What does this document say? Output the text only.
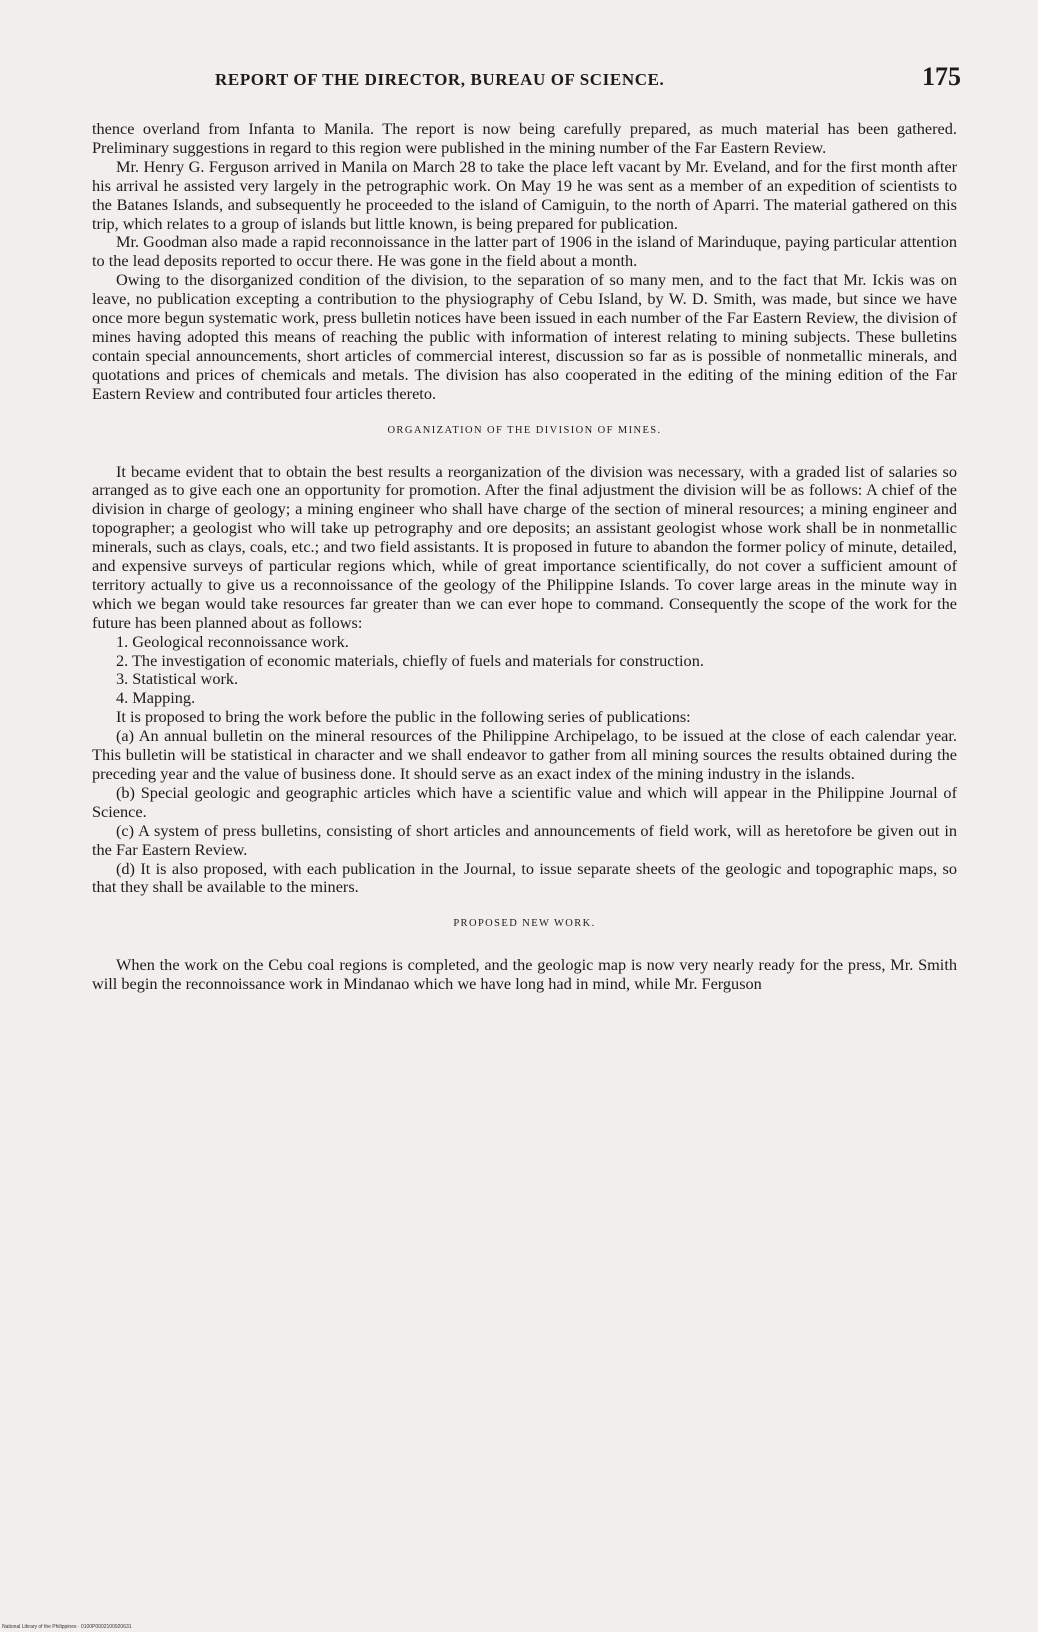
REPORT OF THE DIRECTOR, BUREAU OF SCIENCE.	175

thence overland from Infanta to Manila. The report is now being carefully prepared, as much material has been gathered. Preliminary suggestions in regard to this region were published in the mining number of the Far Eastern Review.

Mr. Henry G. Ferguson arrived in Manila on March 28 to take the place left vacant by Mr. Eveland, and for the first month after his arrival he assisted very largely in the petrographic work. On May 19 he was sent as a member of an expedition of scientists to the Batanes Islands, and subsequently he proceeded to the island of Camiguin, to the north of Aparri. The material gathered on this trip, which relates to a group of islands but little known, is being prepared for publication.

Mr. Goodman also made a rapid reconnoissance in the latter part of 1906 in the island of Marinduque, paying particular attention to the lead deposits reported to occur there. He was gone in the field about a month.

Owing to the disorganized condition of the division, to the separation of so many men, and to the fact that Mr. Ickis was on leave, no publication excepting a contribution to the physiography of Cebu Island, by W. D. Smith, was made, but since we have once more begun systematic work, press bulletin notices have been issued in each number of the Far Eastern Review, the division of mines having adopted this means of reaching the public with information of interest relating to mining subjects. These bulletins contain special announcements, short articles of commercial interest, discussion so far as is possible of nonmetallic minerals, and quotations and prices of chemicals and metals. The division has also cooperated in the editing of the mining edition of the Far Eastern Review and contributed four articles thereto.

ORGANIZATION OF THE DIVISION OF MINES.

It became evident that to obtain the best results a reorganization of the division was necessary, with a graded list of salaries so arranged as to give each one an opportunity for promotion. After the final adjustment the division will be as follows: A chief of the division in charge of geology; a mining engineer who shall have charge of the section of mineral resources; a mining engineer and topographer; a geologist who will take up petrography and ore deposits; an assistant geologist whose work shall be in nonmetallic minerals, such as clays, coals, etc.; and two field assistants. It is proposed in future to abandon the former policy of minute, detailed, and expensive surveys of particular regions which, while of great importance scientifically, do not cover a sufficient amount of territory actually to give us a reconnoissance of the geology of the Philippine Islands. To cover large areas in the minute way in which we began would take resources far greater than we can ever hope to command. Consequently the scope of the work for the future has been planned about as follows:

1. Geological reconnoissance work.

2. The investigation of economic materials, chiefly of fuels and materials for construction.

3. Statistical work.

4. Mapping.

It is proposed to bring the work before the public in the following series of publications:

(a) An annual bulletin on the mineral resources of the Philippine Archipelago, to be issued at the close of each calendar year. This bulletin will be statistical in character and we shall endeavor to gather from all mining sources the results obtained during the preceding year and the value of business done. It should serve as an exact index of the mining industry in the islands.

(b) Special geologic and geographic articles which have a scientific value and which will appear in the Philippine Journal of Science.

(c) A system of press bulletins, consisting of short articles and announcements of field work, will as heretofore be given out in the Far Eastern Review.

(d) It is also proposed, with each publication in the Journal, to issue separate sheets of the geologic and topographic maps, so that they shall be available to the miners.

PROPOSED NEW WORK.

When the work on the Cebu coal regions is completed, and the geologic map is now very nearly ready for the press, Mr. Smith will begin the reconnoissance work in Mindanao which we have long had in mind, while Mr. Ferguson

National Library of the Philippines · 0100P0002100920631
